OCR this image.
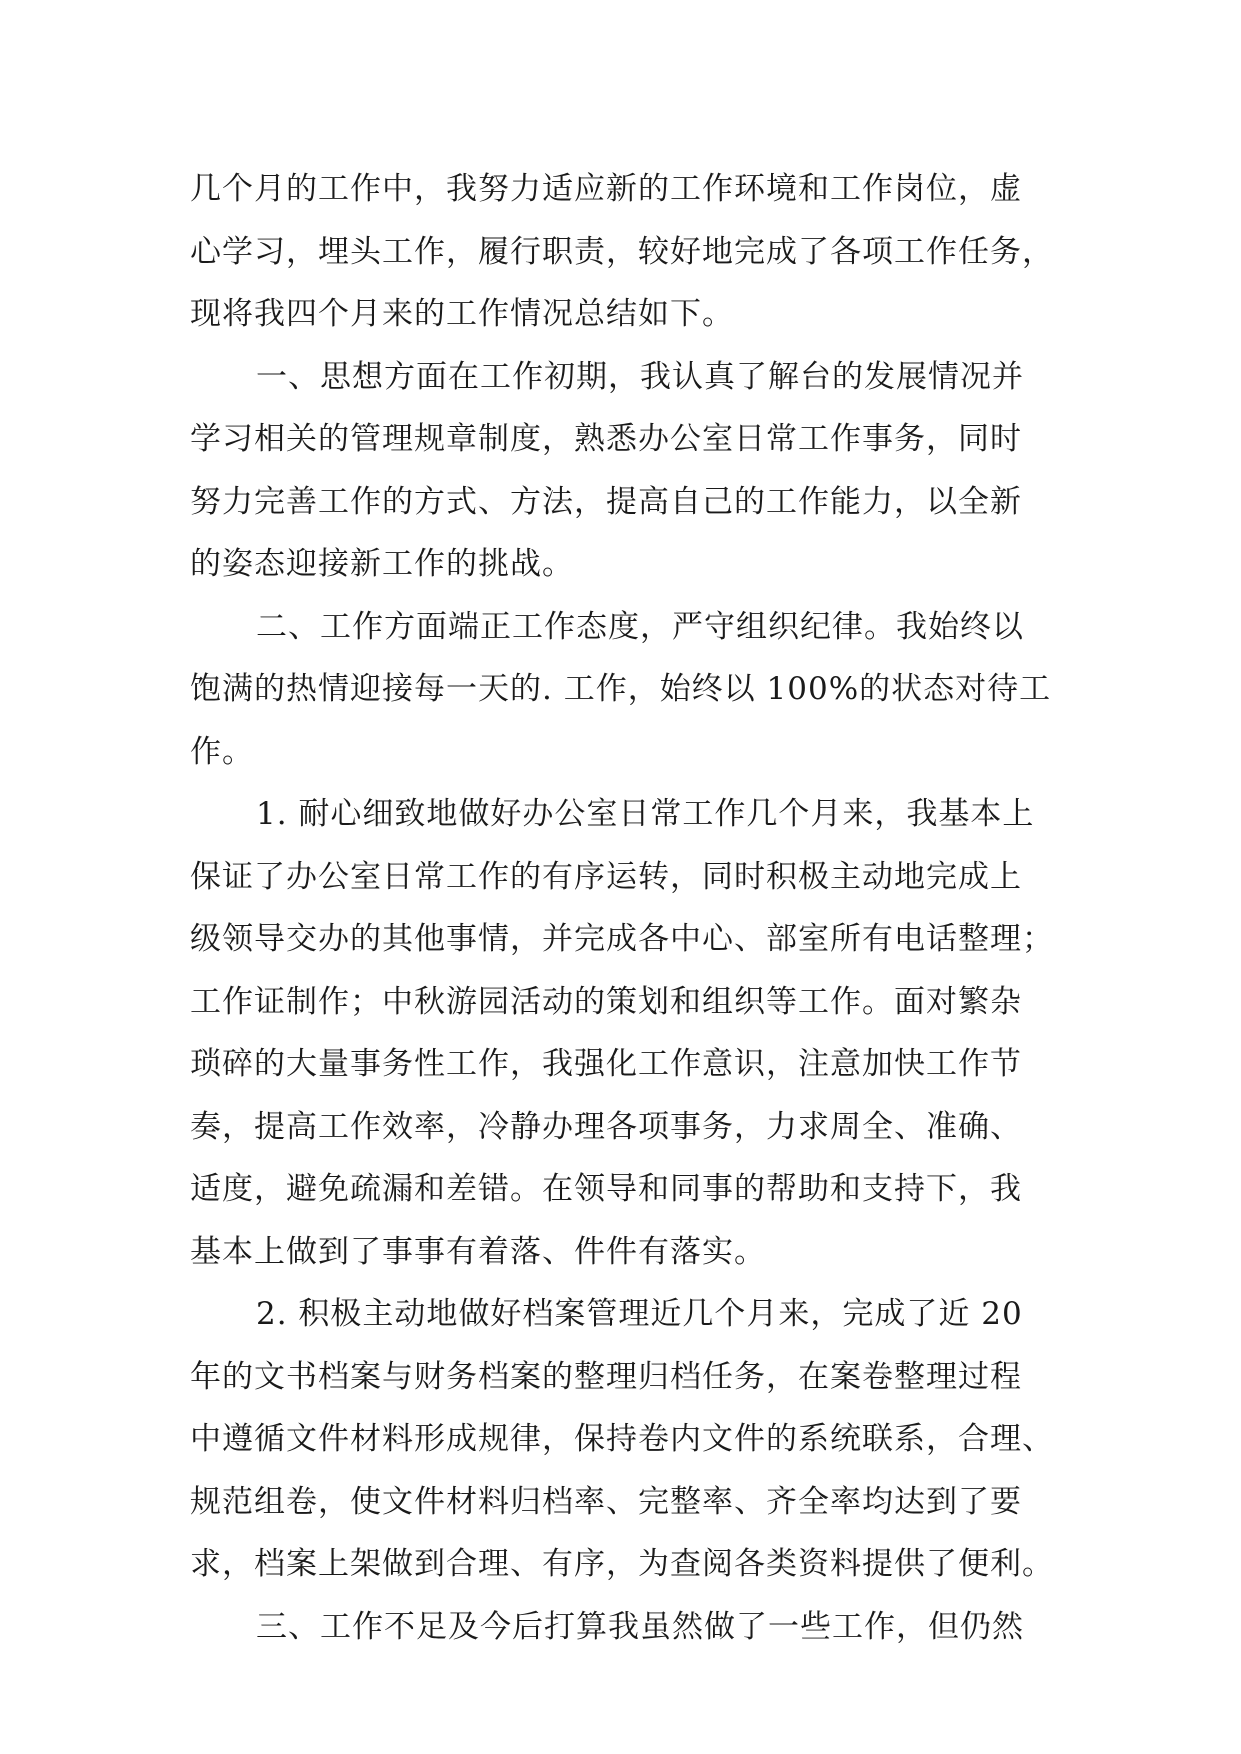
几个月的工作中，我努力适应新的工作环境和工作岗位，虚
心学习，埋头工作，履行职责，较好地完成了各项工作任务，
现将我四个月来的工作情况总结如下。

一、思想方面在工作初期，我认真了解台的发展情况并
学习相关的管理规章制度，熟悉办公室日常工作事务，同时
努力完善工作的方式、方法，提高自己的工作能力，以全新
的姿态迎接新工作的挑战。

二、工作方面端正工作态度，严守组织纪律。我始终以
饱满的热情迎接每一天的. 工作，始终以 100%的状态对待工
作。

1. 耐心细致地做好办公室日常工作几个月来，我基本上
保证了办公室日常工作的有序运转，同时积极主动地完成上
级领导交办的其他事情，并完成各中心、部室所有电话整理；
工作证制作；中秋游园活动的策划和组织等工作。面对繁杂
琐碎的大量事务性工作，我强化工作意识，注意加快工作节
奏，提高工作效率，冷静办理各项事务，力求周全、准确、
适度，避免疏漏和差错。在领导和同事的帮助和支持下，我
基本上做到了事事有着落、件件有落实。

2. 积极主动地做好档案管理近几个月来，完成了近 20
年的文书档案与财务档案的整理归档任务，在案卷整理过程
中遵循文件材料形成规律，保持卷内文件的系统联系，合理、
规范组卷，使文件材料归档率、完整率、齐全率均达到了要
求，档案上架做到合理、有序，为查阅各类资料提供了便利。

三、工作不足及今后打算我虽然做了一些工作，但仍然
